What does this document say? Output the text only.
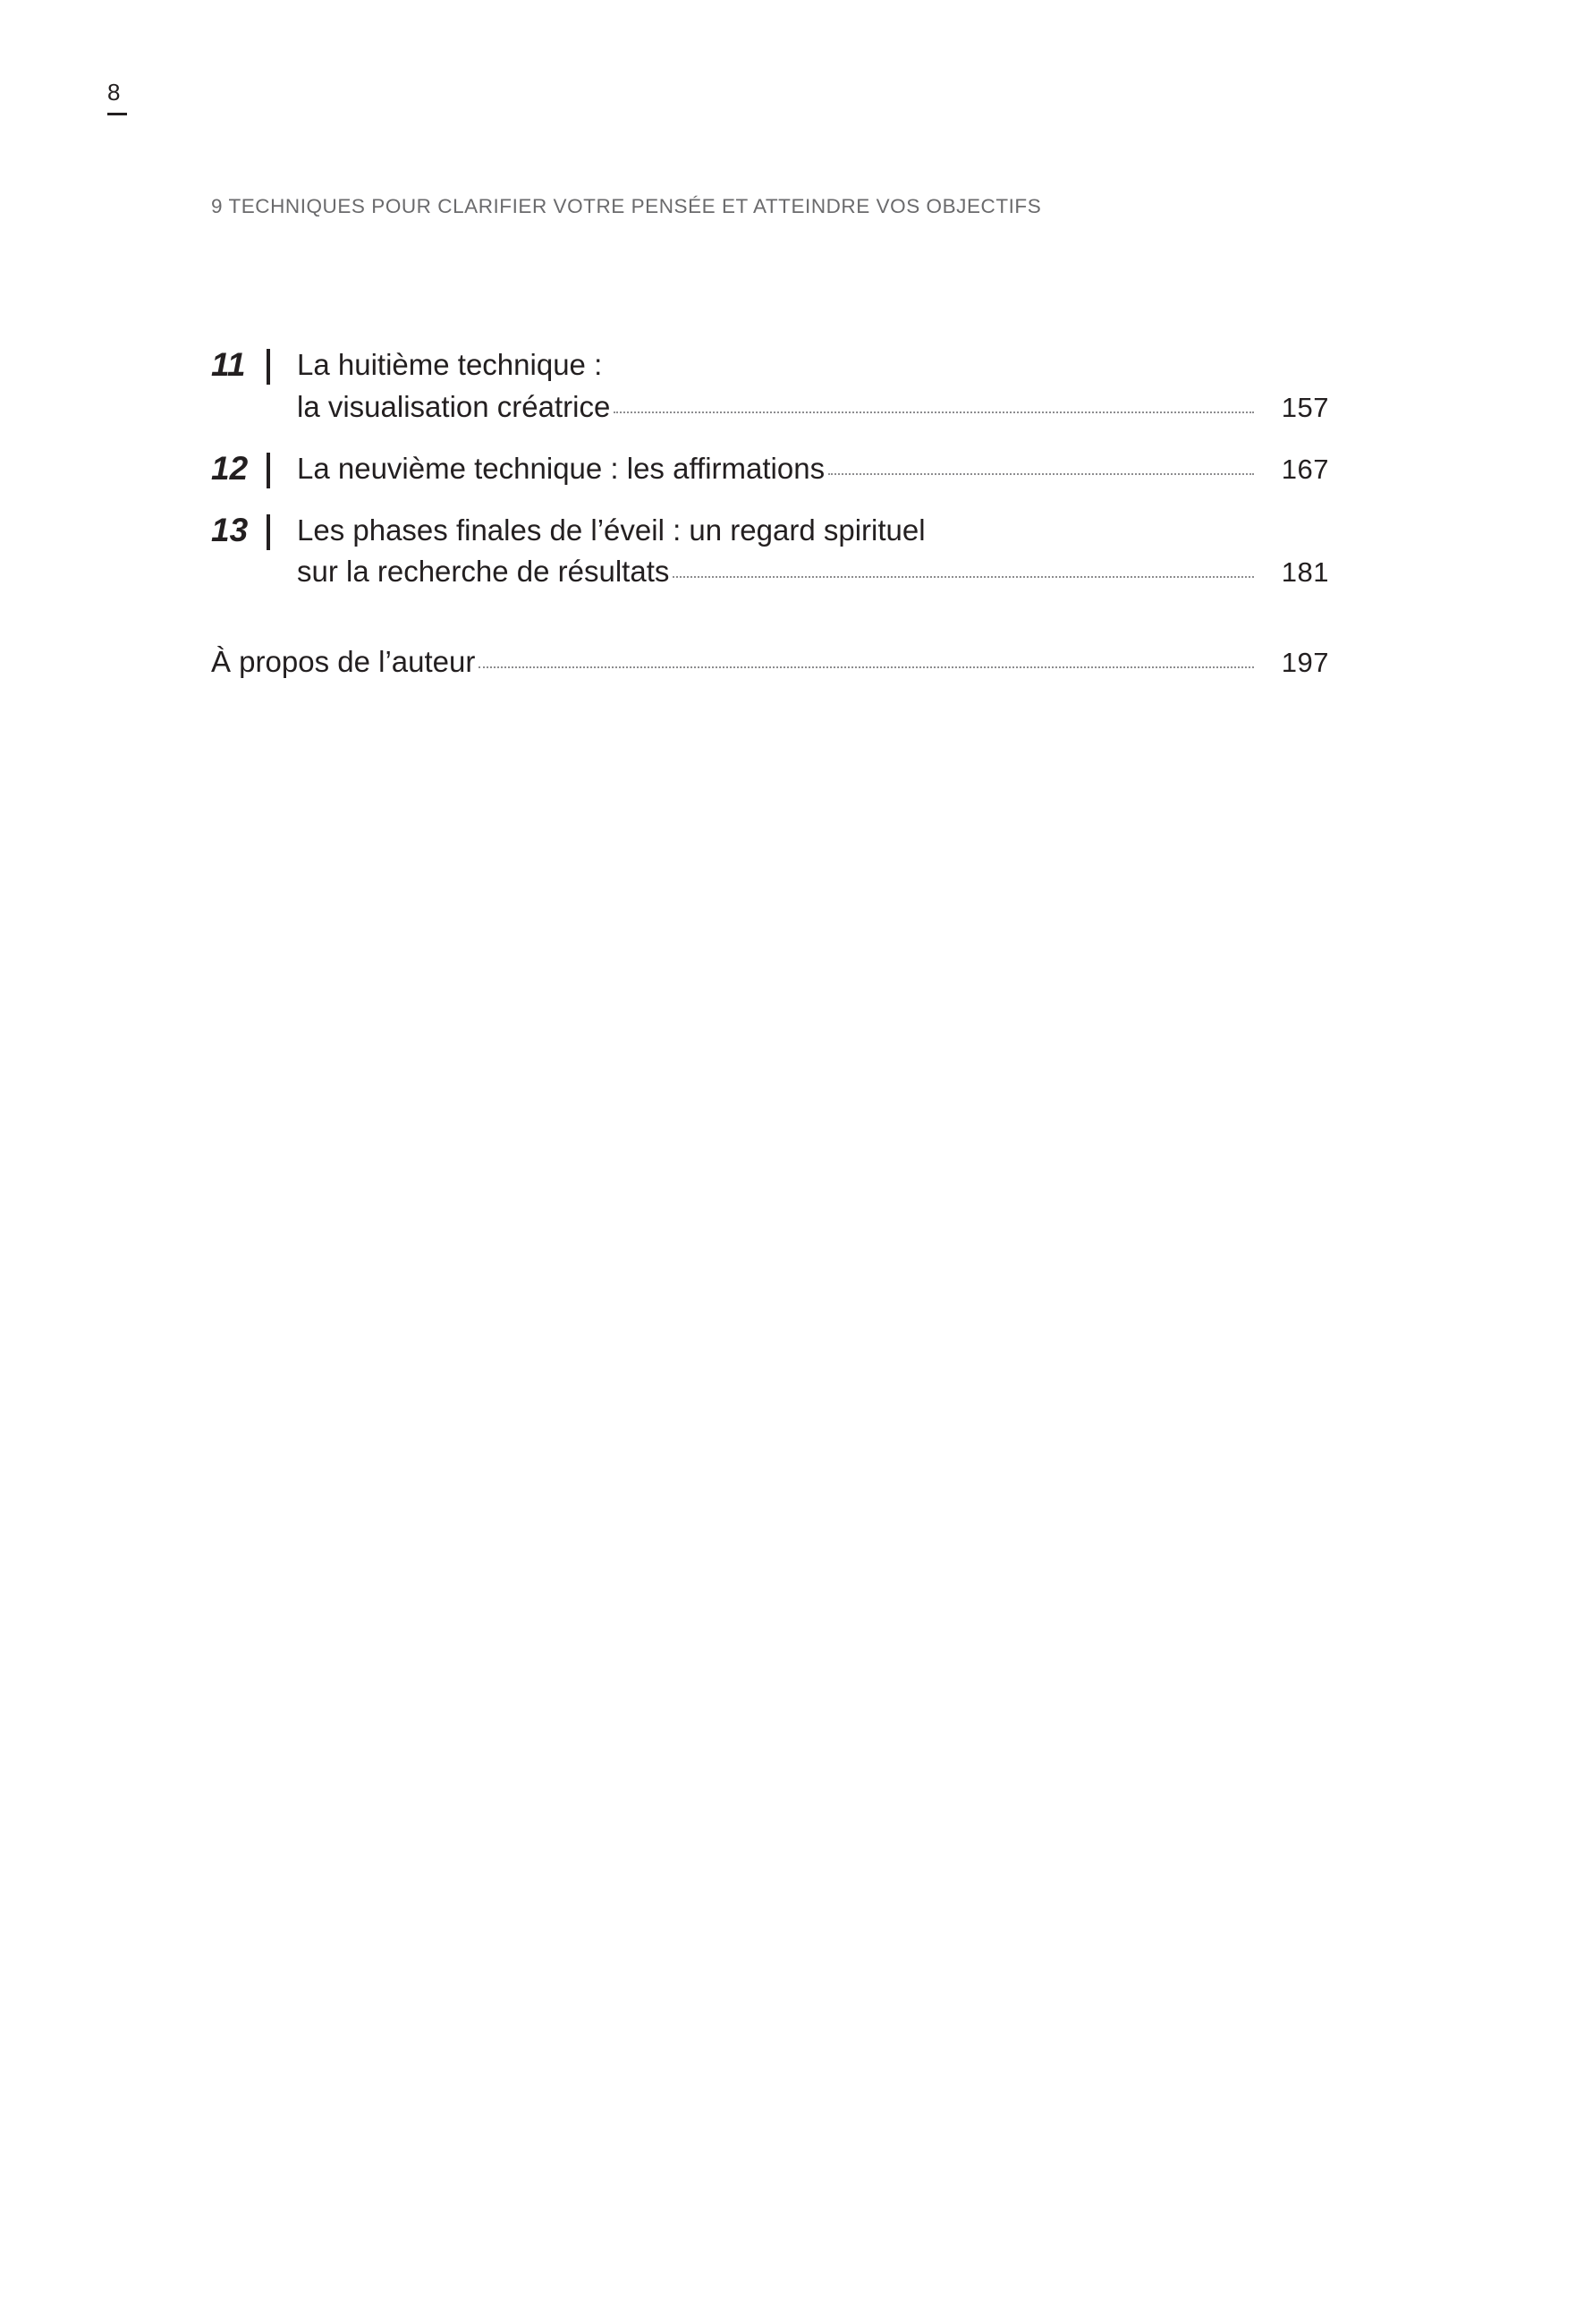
8
9 TECHNIQUES POUR CLARIFIER VOTRE PENSÉE ET ATTEINDRE VOS OBJECTIFS
11	La huitième technique :
la visualisation créatrice	157
12	La neuvième technique : les affirmations	167
13	Les phases finales de l’éveil : un regard spirituel
sur la recherche de résultats	181
À propos de l’auteur	197
